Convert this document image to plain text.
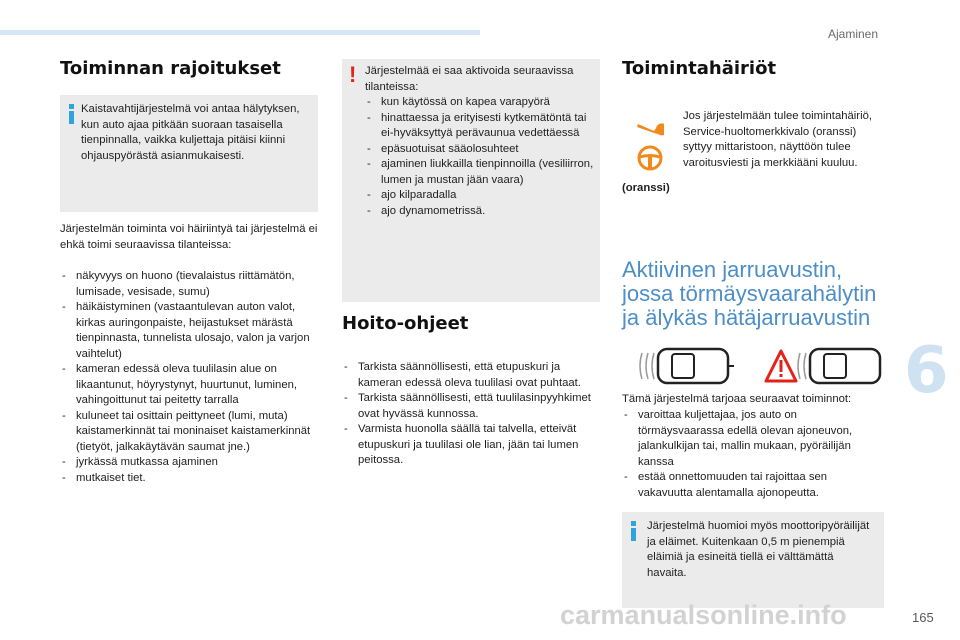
Ajaminen
Toiminnan rajoitukset
Kaistavahtijärjestelmä voi antaa hälytyksen, kun auto ajaa pitkään suoraan tasaisella tienpinnalla, vaikka kuljettaja pitäisi kiinni ohjauspyörästä asianmukaisesti.
Järjestelmän toiminta voi häiriintyä tai järjestelmä ei ehkä toimi seuraavissa tilanteissa:
- näkyvyys on huono (tievalaistus riittämätön, lumisade, vesisade, sumu)
- häikäistyminen (vastaantulevan auton valot, kirkas auringonpaiste, heijastukset märästä tienpinnasta, tunnelista ulosajo, valon ja varjon vaihtelut)
- kameran edessä oleva tuulilasin alue on likaantunut, höyrystynyt, huurtunut, luminen, vahingoittunut tai peitetty tarralla
- kuluneet tai osittain peittyneet (lumi, muta) kaistamerkinnät tai moninaiset kaistamerkinnät (tietyöt, jalkakäytävän saumat jne.)
- jyrkässä mutkassa ajaminen
- mutkaiset tiet.
! Järjestelmää ei saa aktivoida seuraavissa tilanteissa:
- kun käytössä on kapea varapyörä
- hinattaessa ja erityisesti kytkemätöntä tai ei-hyväksyttyä perävaunua vedettäessä
- epäsuotuisat sääolosuhteet
- ajaminen liukkailla tienpinnoilla (vesiliirron, lumen ja mustan jään vaara)
- ajo kilparadalla
- ajo dynamometrissä.
Hoito-ohjeet
- Tarkista säännöllisesti, että etupuskuri ja kameran edessä oleva tuulilasi ovat puhtaat.
- Tarkista säännöllisesti, että tuulilasinpyyhkimet ovat hyvässä kunnossa.
- Varmista huonolla säällä tai talvella, etteivät etupuskuri ja tuulilasi ole lian, jään tai lumen peitossa.
Toimintahäiriöt
(oranssi)
Jos järjestelmään tulee toimintahäiriö, Service-huoltomerkkivalo (oranssi) syttyy mittaristoon, näyttöön tulee varoitusviesti ja merkkiääni kuuluu.
Aktiivinen jarruavustin,
jossa törmäysvaarahälytin
ja älykäs hätäjarruavustin
Tämä järjestelmä tarjoaa seuraavat toiminnot:
- varoittaa kuljettajaa, jos auto on törmäysvaarassa edellä olevan ajoneuvon, jalankulkijan tai, mallin mukaan, pyöräilijän kanssa
- estää onnettomuuden tai rajoittaa sen vakavuutta alentamalla ajonopeutta.
Järjestelmä huomioi myös moottoripyöräilijät ja eläimet. Kuitenkaan 0,5 m pienempiä eläimiä ja esineitä tiellä ei välttämättä havaita.
6
carmanualsonline.info	165
